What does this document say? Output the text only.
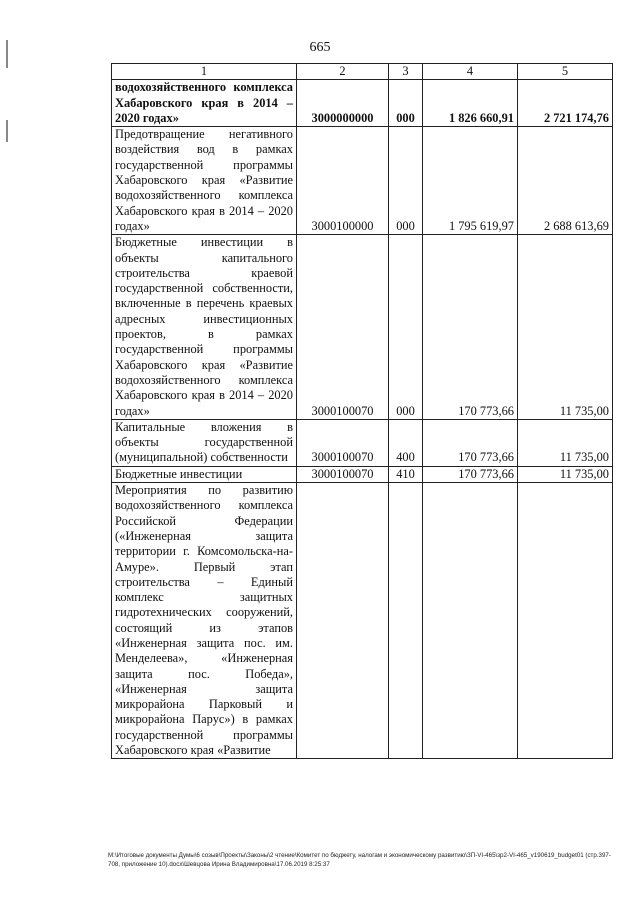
665
1	2	3	4	5
водохозяйственного комплекса Хабаровского края в 2014 – 2020 годах»	3000000000	000	1 826 660,91	2 721 174,76
Предотвращение негативного воздействия вод в рамках государственной программы Хабаровского края «Развитие водохозяйственного комплекса Хабаровского края в 2014 – 2020 годах»	3000100000	000	1 795 619,97	2 688 613,69
Бюджетные инвестиции в объекты капитального строительства краевой государственной собственности, включенные в перечень краевых адресных инвестиционных проектов, в рамках государственной программы Хабаровского края «Развитие водохозяйственного комплекса Хабаровского края в 2014 – 2020 годах»	3000100070	000	170 773,66	11 735,00
Капитальные вложения в объекты государственной (муниципальной) собственности	3000100070	400	170 773,66	11 735,00
Бюджетные инвестиции	3000100070	410	170 773,66	11 735,00
Мероприятия по развитию водохозяйственного комплекса Российской Федерации («Инженерная защита территории г. Комсомольска-на-Амуре». Первый этап строительства – Единый комплекс защитных гидротехнических сооружений, состоящий из этапов «Инженерная защита пос. им. Менделеева», «Инженерная защита пос. Победа», «Инженерная защита микрорайона Парковый и микрорайона Парус») в рамках государственной программы Хабаровского края «Развитие				
М:\Итоговые документы Думы\6 созыв\Проекты\Законы\2 чтение\Комитет по бюджету, налогам и экономическому развитию\ЗП-VI-465\зр2-VI-465_v190619_budget01 (стр.397-708, приложение 10).docx\Шевцова Ирина Владимировна\17.06.2019 8:25:37
